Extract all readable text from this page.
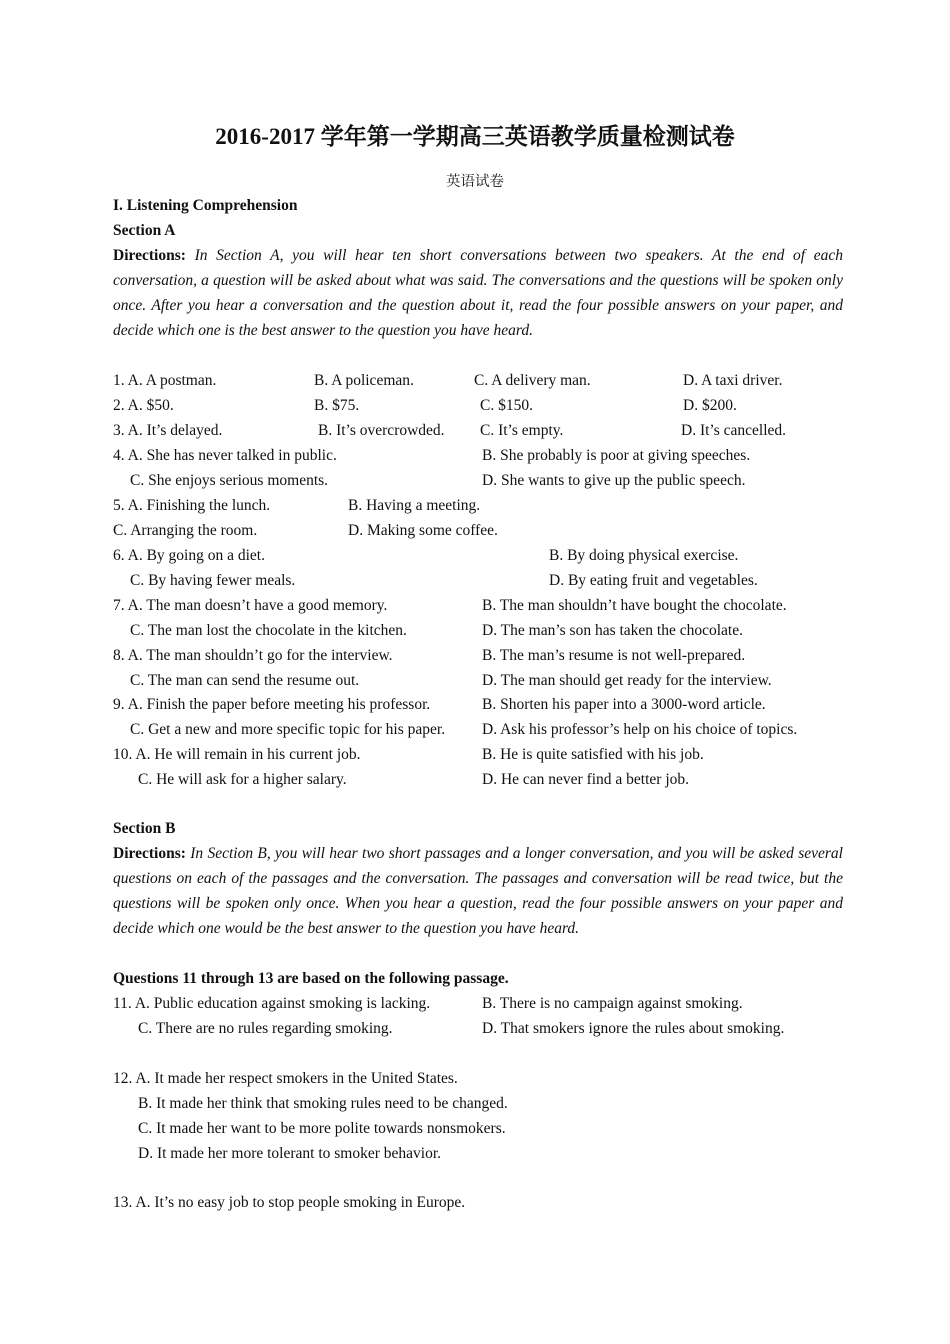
2016-2017 学年第一学期高三英语教学质量检测试卷
英语试卷
I. Listening Comprehension
Section A
Directions: In Section A, you will hear ten short conversations between two speakers. At the end of each conversation, a question will be asked about what was said. The conversations and the questions will be spoken only once. After you hear a conversation and the question about it, read the four possible answers on your paper, and decide which one is the best answer to the question you have heard.
1. A. A postman.	B. A policeman.	C. A delivery man.	D. A taxi driver.
2. A. $50.	B. $75.	C. $150.	D. $200.
3. A. It’s delayed.	B. It’s overcrowded. C. It’s empty.	D. It’s cancelled.
4. A. She has never talked in public.	B. She probably is poor at giving speeches.
C. She enjoys serious moments.	D. She wants to give up the public speech.
5. A. Finishing the lunch.	B. Having a meeting.
C. Arranging the room.	D. Making some coffee.
6. A. By going on a diet.	B. By doing physical exercise.
C. By having fewer meals.	D. By eating fruit and vegetables.
7. A. The man doesn’t have a good memory.	B. The man shouldn’t have bought the chocolate.
C. The man lost the chocolate in the kitchen.	D. The man’s son has taken the chocolate.
8. A. The man shouldn’t go for the interview.	B. The man’s resume is not well-prepared.
C. The man can send the resume out.	D. The man should get ready for the interview.
9. A. Finish the paper before meeting his professor.	B. Shorten his paper into a 3000-word article.
C. Get a new and more specific topic for his paper. D. Ask his professor’s help on his choice of topics.
10. A. He will remain in his current job.	B. He is quite satisfied with his job.
C. He will ask for a higher salary.	D. He can never find a better job.
Section B
Directions: In Section B, you will hear two short passages and a longer conversation, and you will be asked several questions on each of the passages and the conversation. The passages and conversation will be read twice, but the questions will be spoken only once. When you hear a question, read the four possible answers on your paper and decide which one would be the best answer to the question you have heard.
Questions 11 through 13 are based on the following passage.
11. A. Public education against smoking is lacking.	B. There is no campaign against smoking.
C. There are no rules regarding smoking.	D. That smokers ignore the rules about smoking.
12. A. It made her respect smokers in the United States.
B. It made her think that smoking rules need to be changed.
C. It made her want to be more polite towards nonsmokers.
D. It made her more tolerant to smoker behavior.
13. A. It’s no easy job to stop people smoking in Europe.
